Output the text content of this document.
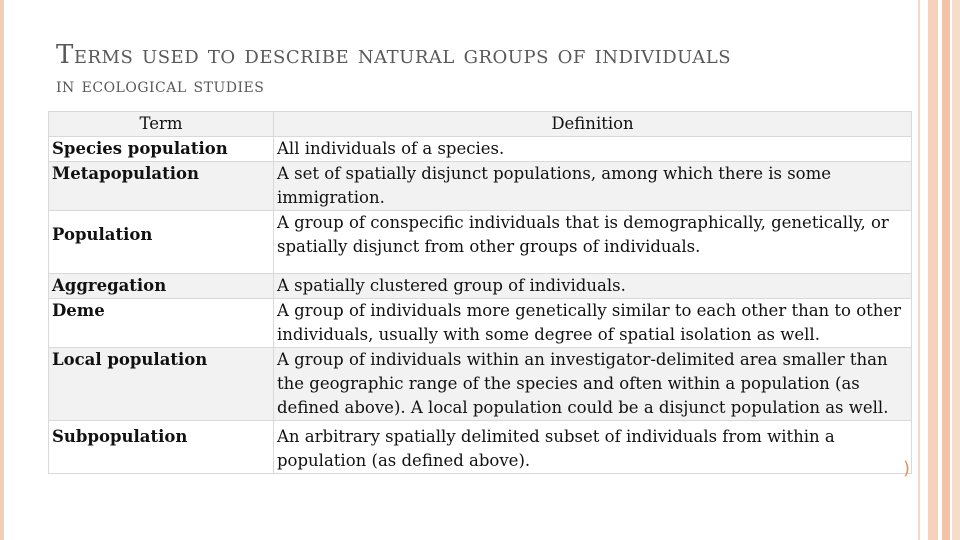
Terms used to describe natural groups of individuals
in ecological studies
Term	Definition
Species population	All individuals of a species.
Metapopulation	A set of spatially disjunct populations, among which there is some immigration.
Population	A group of conspecific individuals that is demographically, genetically, or spatially disjunct from other groups of individuals.
Aggregation	A spatially clustered group of individuals.
Deme	A group of individuals more genetically similar to each other than to other individuals, usually with some degree of spatial isolation as well.
Local population	A group of individuals within an investigator-delimited area smaller than the geographic range of the species and often within a population (as defined above). A local population could be a disjunct population as well.
Subpopulation	An arbitrary spatially delimited subset of individuals from within a population (as defined above).	)
